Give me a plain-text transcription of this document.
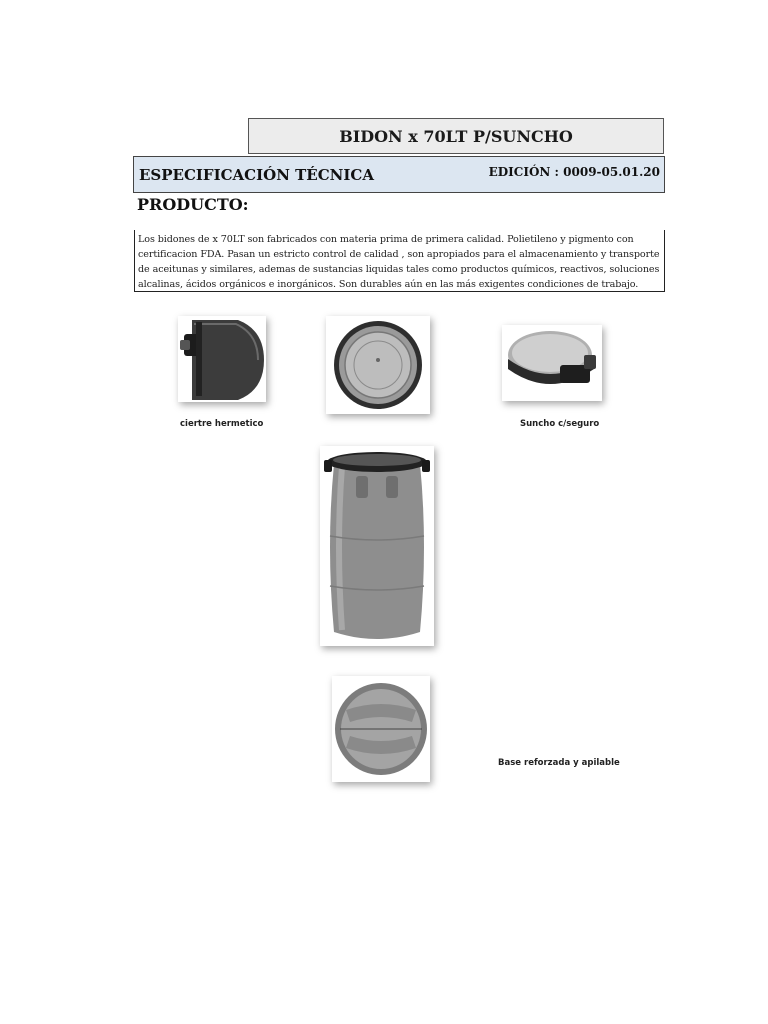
BIDON x 70LT P/SUNCHO
ESPECIFICACIÓN TÉCNICA	EDICIÓN : 0009-05.01.20
PRODUCTO:
Los bidones de x 70LT son fabricados con materia prima de primera calidad. Polietileno y pigmento con certificacion FDA. Pasan un estricto control de calidad , son apropiados para el almacenamiento y transporte de aceitunas y similares, ademas de sustancias liquidas tales como productos químicos, reactivos, soluciones alcalinas, ácidos orgánicos e inorgánicos. Son durables aún en las más exigentes condiciones de trabajo.
ciertre hermetico	Suncho c/seguro
Base reforzada y apilable
